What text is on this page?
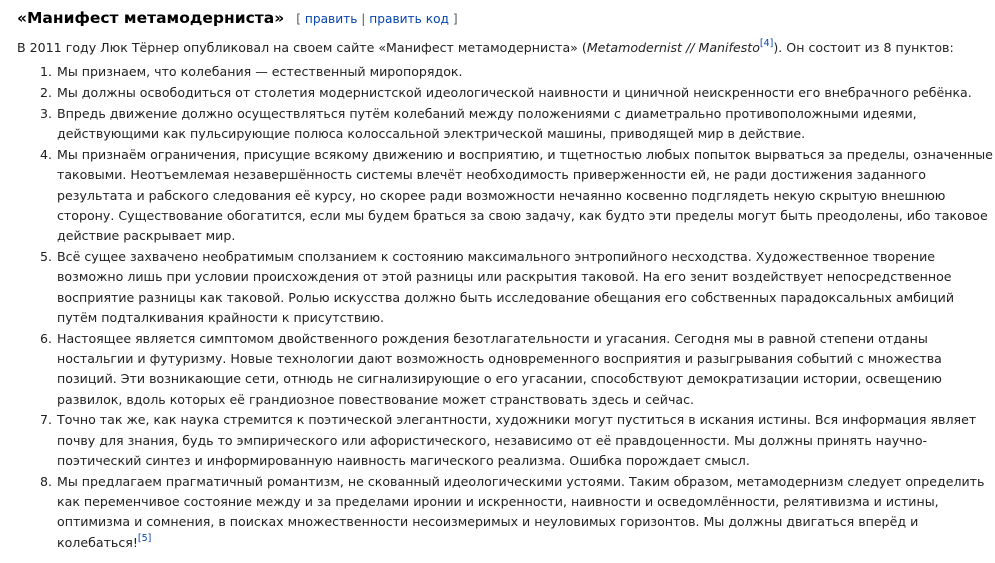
«Манифест метамодерниста» [ править | править код ]

В 2011 году Люк Тёрнер опубликовал на своем сайте «Манифест метамодерниста» (Metamodernist // Manifesto[4]). Он состоит из 8 пунктов:

1. Мы признаем, что колебания — естественный миропорядок.
2. Мы должны освободиться от столетия модернистской идеологической наивности и циничной неискренности его внебрачного ребёнка.
3. Впредь движение должно осуществляться путём колебаний между положениями с диаметрально противоположными идеями, действующими как пульсирующие полюса колоссальной электрической машины, приводящей мир в действие.
4. Мы признаём ограничения, присущие всякому движению и восприятию, и тщетностью любых попыток вырваться за пределы, означенные таковыми. Неотъемлемая незавершённость системы влечёт необходимость приверженности ей, не ради достижения заданного результата и рабского следования её курсу, но скорее ради возможности нечаянно косвенно подглядеть некую скрытую внешнюю сторону. Существование обогатится, если мы будем браться за свою задачу, как будто эти пределы могут быть преодолены, ибо таковое действие раскрывает мир.
5. Всё сущее захвачено необратимым сползанием к состоянию максимального энтропийного несходства. Художественное творение возможно лишь при условии происхождения от этой разницы или раскрытия таковой. На его зенит воздействует непосредственное восприятие разницы как таковой. Ролью искусства должно быть исследование обещания его собственных парадоксальных амбиций путём подталкивания крайности к присутствию.
6. Настоящее является симптомом двойственного рождения безотлагательности и угасания. Сегодня мы в равной степени отданы ностальгии и футуризму. Новые технологии дают возможность одновременного восприятия и разыгрывания событий с множества позиций. Эти возникающие сети, отнюдь не сигнализирующие о его угасании, способствуют демократизации истории, освещению развилок, вдоль которых её грандиозное повествование может странствовать здесь и сейчас.
7. Точно так же, как наука стремится к поэтической элегантности, художники могут пуститься в искания истины. Вся информация являет почву для знания, будь то эмпирического или афористического, независимо от её правдоценности. Мы должны принять научно-поэтический синтез и информированную наивность магического реализма. Ошибка порождает смысл.
8. Мы предлагаем прагматичный романтизм, не скованный идеологическими устоями. Таким образом, метамодернизм следует определить как переменчивое состояние между и за пределами иронии и искренности, наивности и осведомлённости, релятивизма и истины, оптимизма и сомнения, в поисках множественности несоизмеримых и неуловимых горизонтов. Мы должны двигаться вперёд и колебаться![5]
